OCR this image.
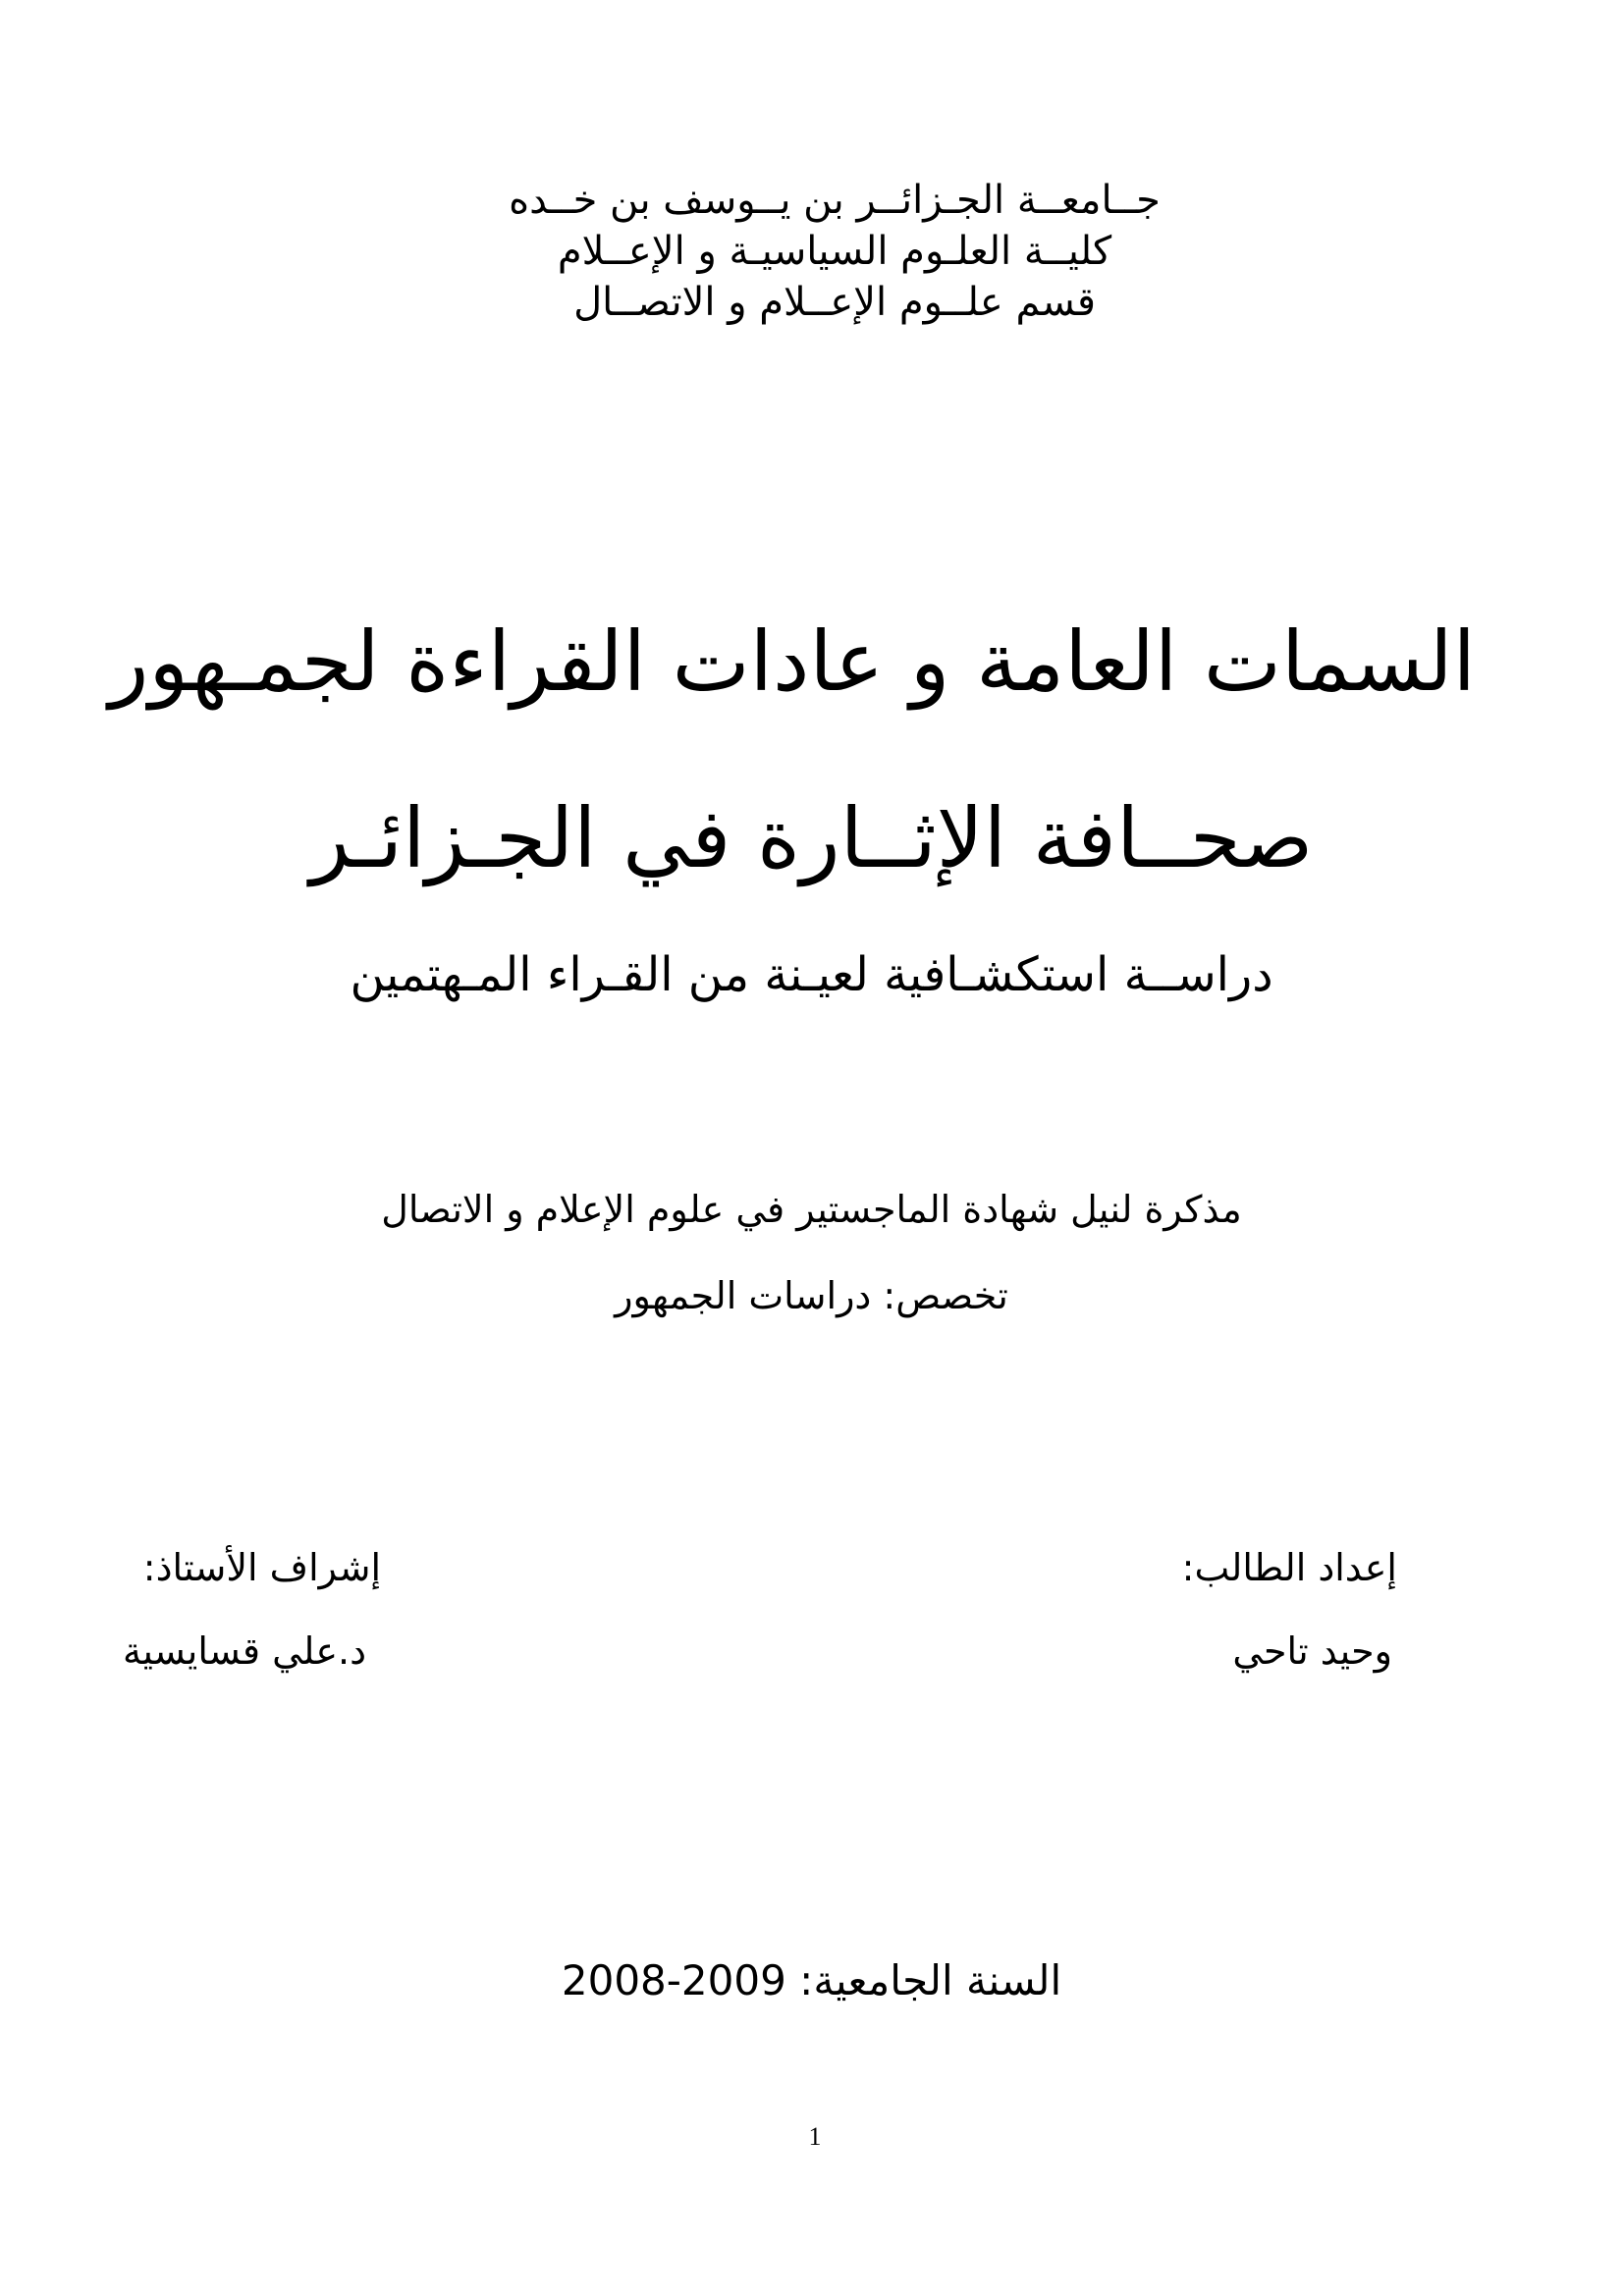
جــامعــة الجـزائــر بن يــوسف بن خــده
كليــة العلـوم السياسيـة و الإعــلام
قسم علــوم الإعــلام و الاتصــال
السمات العامة و عادات القراءة لجمـهور
صحــافة الإثــارة في الجـزائـر
دراســة استكشـافية لعيـنة من القـراء المـهتمين
مذكرة لنيل شهادة الماجستير في علوم الإعلام و الاتصال
تخصص: دراسات الجمهور
إعداد الطالب:
وحيد تاحي
إشراف الأستاذ:
د.علي قسايسية
السنة الجامعية: 2008-2009
1
